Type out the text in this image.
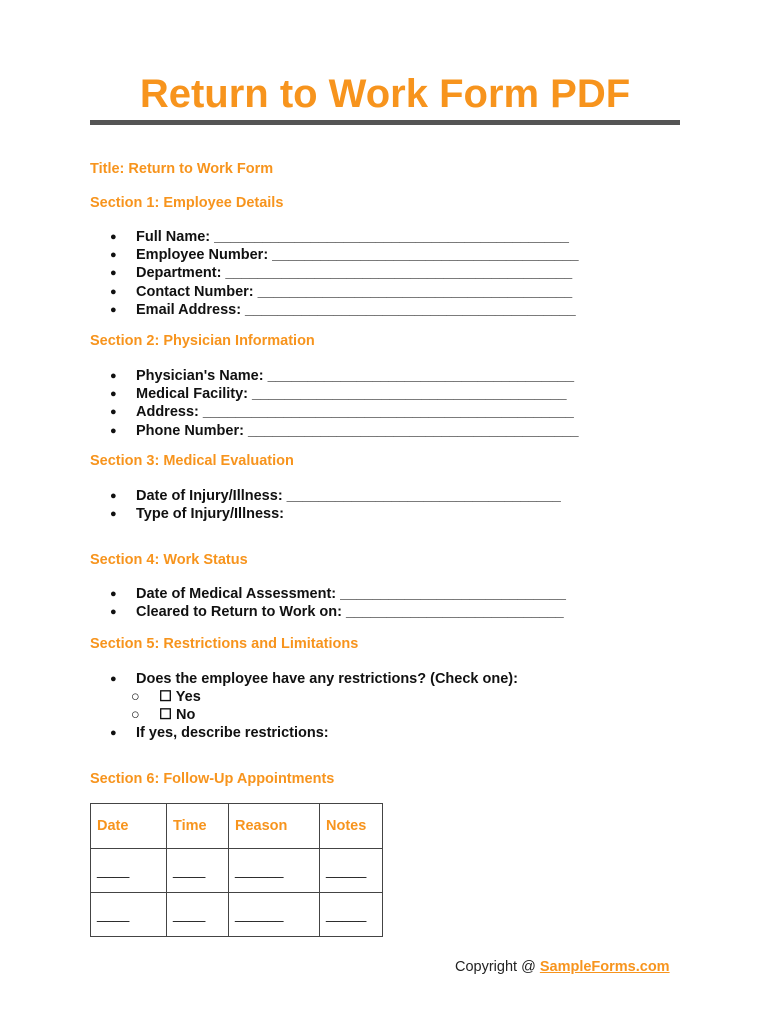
Return to Work Form PDF
Title: Return to Work Form
Section 1: Employee Details
● Full Name: ____________________________________________
● Employee Number: ______________________________________
● Department: ___________________________________________
● Contact Number: _______________________________________
● Email Address: _________________________________________
Section 2: Physician Information
● Physician's Name: ______________________________________
● Medical Facility: _______________________________________
● Address: ______________________________________________
● Phone Number: _________________________________________
Section 3: Medical Evaluation
● Date of Injury/Illness: __________________________________
● Type of Injury/Illness:
Section 4: Work Status
● Date of Medical Assessment: ____________________________
● Cleared to Return to Work on: ___________________________
Section 5: Restrictions and Limitations
● Does the employee have any restrictions? (Check one):
○ ☐ Yes
○ ☐ No
● If yes, describe restrictions:
Section 6: Follow-Up Appointments
Date	Time	Reason	Notes
____	____	______	_____
____	____	______	_____
Copyright @ SampleForms.com
